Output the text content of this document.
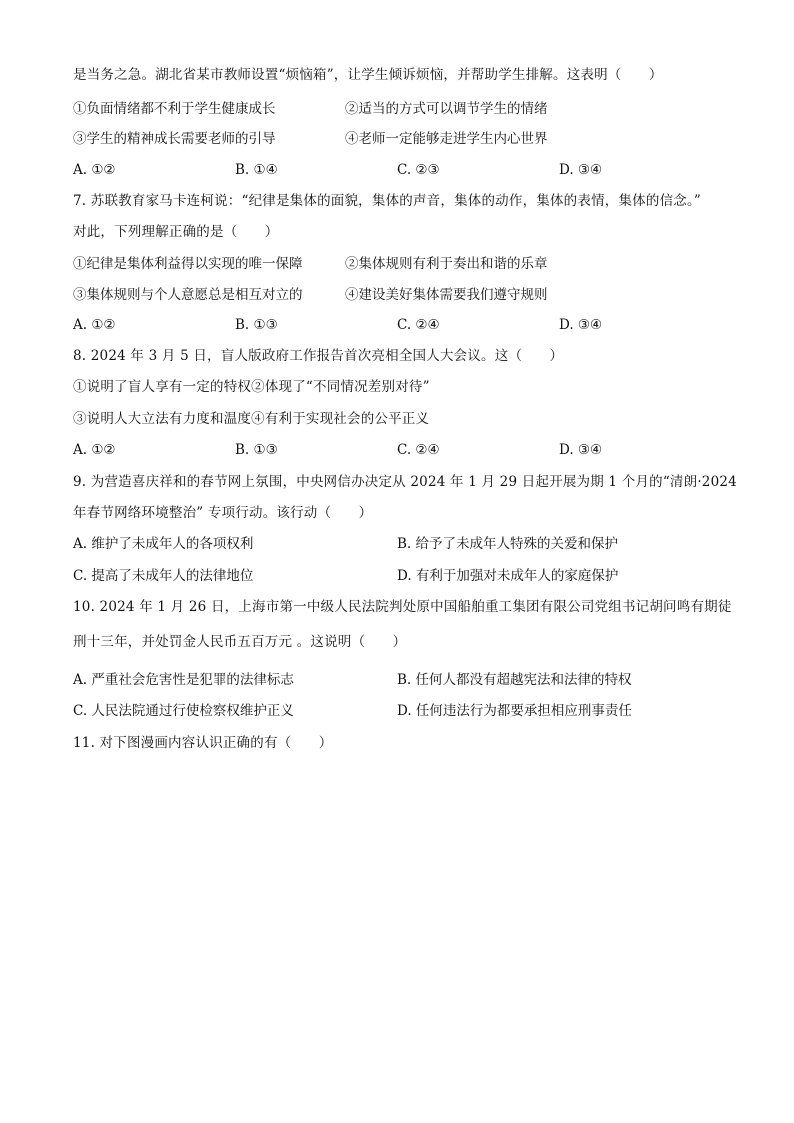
是当务之急。湖北省某市教师设置“烦恼箱”，让学生倾诉烦恼，并帮助学生排解。这表明（　　）
①负面情绪都不利于学生健康成长	②适当的方式可以调节学生的情绪
③学生的精神成长需要老师的引导	④老师一定能够走进学生内心世界
A. ①②	B. ①④	C. ②③	D. ③④
7. 苏联教育家马卡连柯说：“纪律是集体的面貌，集体的声音，集体的动作，集体的表情，集体的信念。”
对此，下列理解正确的是（　　）
①纪律是集体利益得以实现的唯一保障	②集体规则有利于奏出和谐的乐章
③集体规则与个人意愿总是相互对立的	④建设美好集体需要我们遵守规则
A. ①②	B. ①③	C. ②④	D. ③④
8. 2024 年 3 月 5 日，盲人版政府工作报告首次亮相全国人大会议。这（　　）
①说明了盲人享有一定的特权②体现了“不同情况差别对待”
③说明人大立法有力度和温度④有利于实现社会的公平正义
A. ①②	B. ①③	C. ②④	D. ③④
9. 为营造喜庆祥和的春节网上氛围，中央网信办决定从 2024 年 1 月 29 日起开展为期 1 个月的“清朗·2024
年春节网络环境整治” 专项行动。该行动（　　）
A. 维护了未成年人的各项权利	B. 给予了未成年人特殊的关爱和保护
C. 提高了未成年人的法律地位	D. 有利于加强对未成年人的家庭保护
10. 2024 年 1 月 26 日，上海市第一中级人民法院判处原中国船舶重工集团有限公司党组书记胡问鸣有期徒
刑十三年，并处罚金人民币五百万元 。这说明（　　）
A. 严重社会危害性是犯罪的法律标志	B. 任何人都没有超越宪法和法律的特权
C. 人民法院通过行使检察权维护正义	D. 任何违法行为都要承担相应刑事责任
11. 对下图漫画内容认识正确的有（　　）
